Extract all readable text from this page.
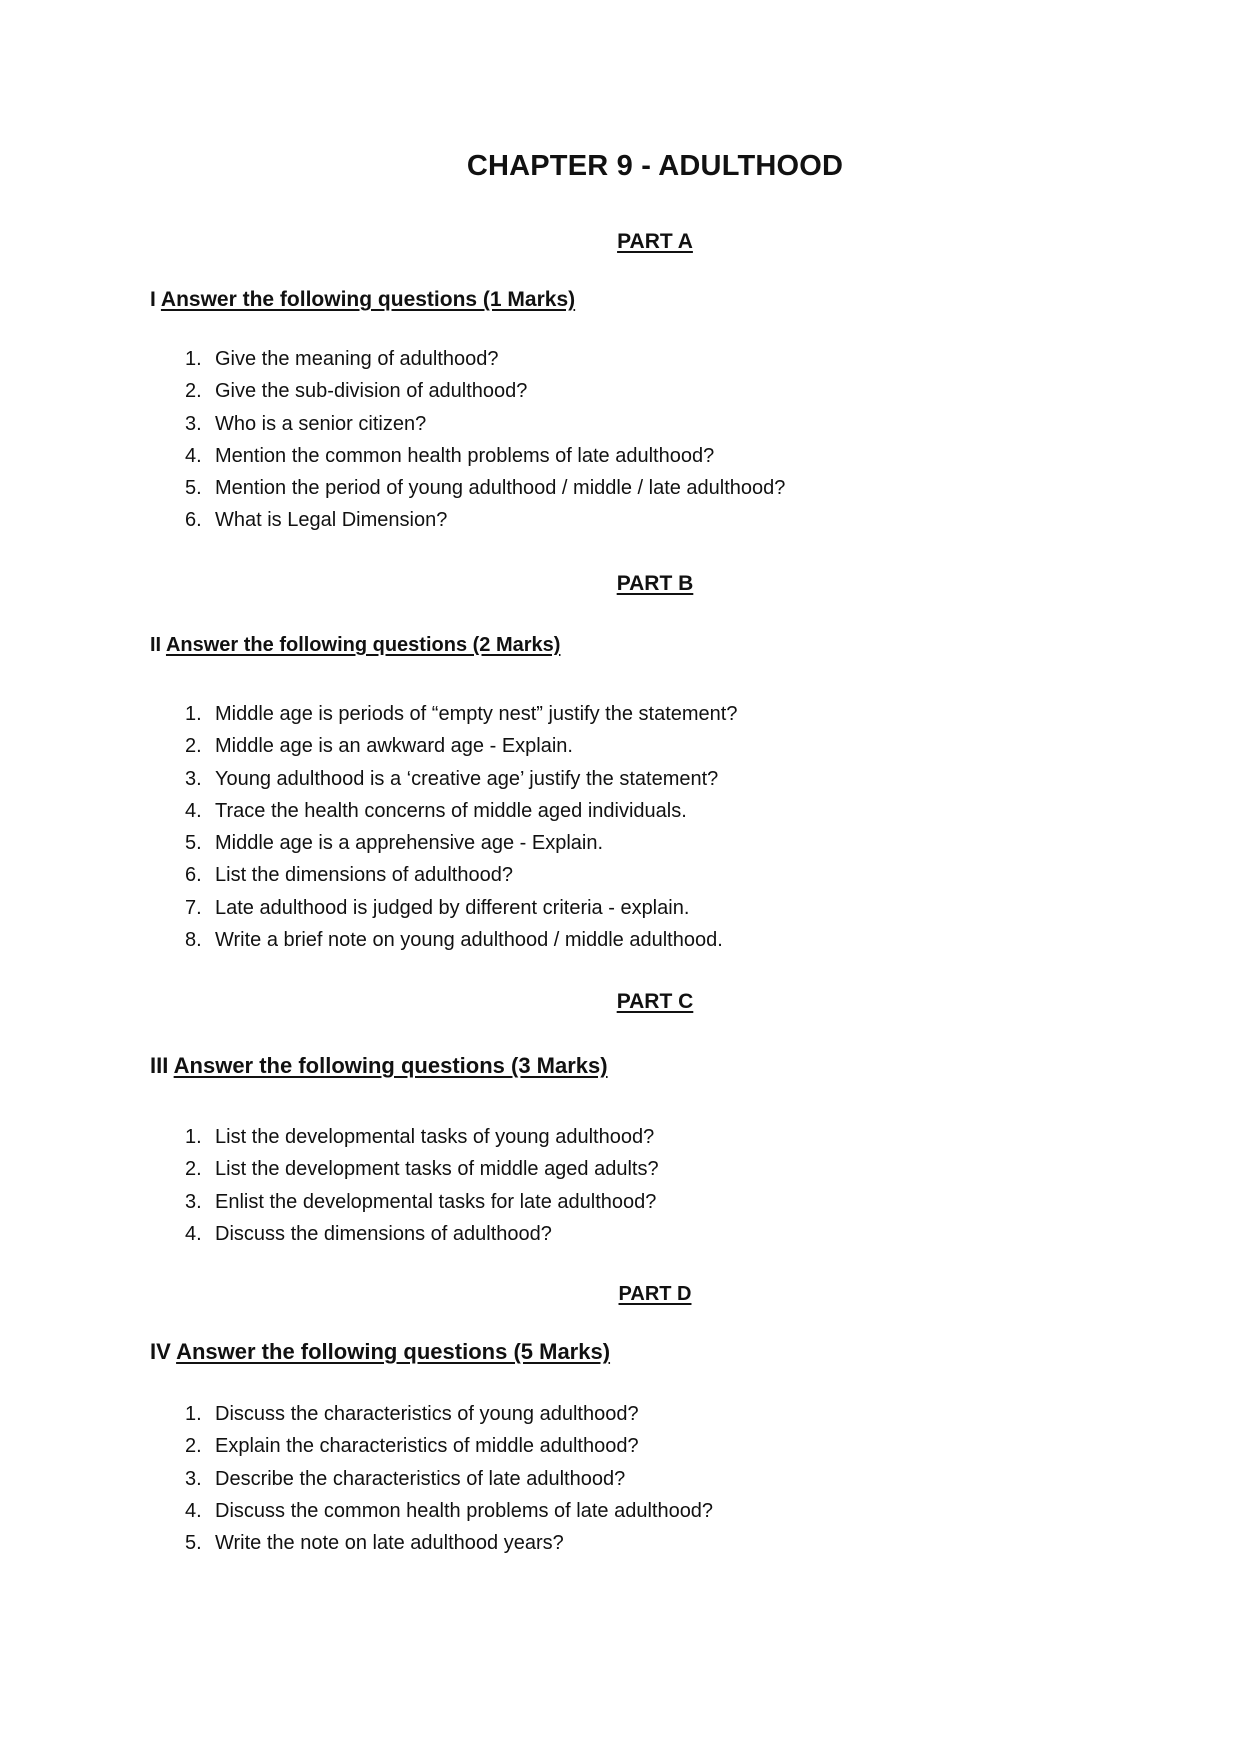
CHAPTER 9 - ADULTHOOD
PART A
I Answer the following questions (1 Marks)
1. Give the meaning of adulthood?
2. Give the sub-division of adulthood?
3. Who is a senior citizen?
4. Mention the common health problems of late adulthood?
5. Mention the period of young adulthood / middle / late adulthood?
6. What is Legal Dimension?
PART B
II Answer the following questions (2 Marks)
1. Middle age is periods of “empty nest” justify the statement?
2. Middle age is an awkward age - Explain.
3. Young adulthood is a ‘creative age’ justify the statement?
4. Trace the health concerns of middle aged individuals.
5. Middle age is a apprehensive age - Explain.
6. List the dimensions of adulthood?
7. Late adulthood is judged by different criteria - explain.
8. Write a brief note on young adulthood / middle adulthood.
PART C
III Answer the following questions (3 Marks)
1. List the developmental tasks of young adulthood?
2. List the development tasks of middle aged adults?
3. Enlist the developmental tasks for late adulthood?
4. Discuss the dimensions of adulthood?
PART D
IV Answer the following questions (5 Marks)
1. Discuss the characteristics of young adulthood?
2. Explain the characteristics of middle adulthood?
3. Describe the characteristics of late adulthood?
4. Discuss the common health problems of late adulthood?
5. Write the note on late adulthood years?
